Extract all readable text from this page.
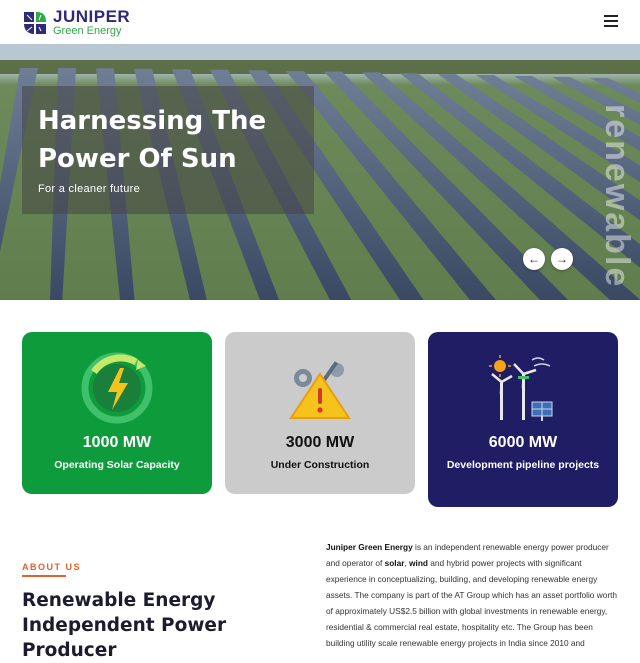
JUNIPER
Green Energy
Harnessing The Power Of Sun
For a cleaner future	renewable
←	→
1000 MW
Operating Solar Capacity
3000 MW
Under Construction
6000 MW
Development pipeline projects
ABOUT US
Renewable Energy Independent Power Producer
Juniper Green Energy is an independent renewable energy power producer and operator of solar, wind and hybrid power projects with significant experience in conceptualizing, building, and developing renewable energy assets. The company is part of the AT Group which has an asset portfolio worth of approximately US$2.5 billion with global investments in renewable energy, residential & commercial real estate, hospitality etc. The Group has been building utility scale renewable energy projects in India since 2010 and
